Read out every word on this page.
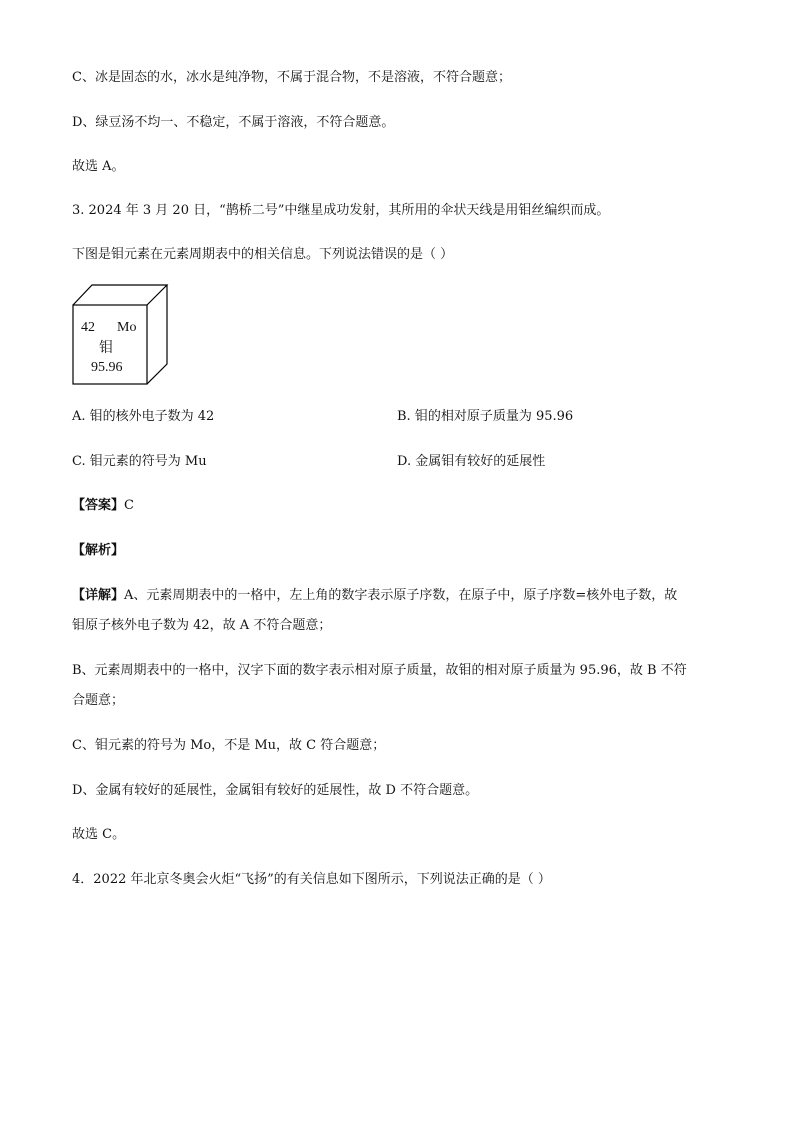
C、冰是固态的水，冰水是纯净物，不属于混合物，不是溶液，不符合题意；
D、绿豆汤不均一、不稳定，不属于溶液，不符合题意。
故选 A。
3. 2024 年 3 月 20 日，“鹊桥二号”中继星成功发射，其所用的伞状天线是用钼丝编织而成。
下图是钼元素在元素周期表中的相关信息。下列说法错误的是（ ）
42 Mo
钼
95.96
A. 钼的核外电子数为 42	B. 钼的相对原子质量为 95.96
C. 钼元素的符号为 Mu	D. 金属钼有较好的延展性
【答案】C
【解析】
【详解】A、元素周期表中的一格中，左上角的数字表示原子序数，在原子中，原子序数=核外电子数，故
钼原子核外电子数为 42，故 A 不符合题意；
B、元素周期表中的一格中，汉字下面的数字表示相对原子质量，故钼的相对原子质量为 95.96，故 B 不符
合题意；
C、钼元素的符号为 Mo，不是 Mu，故 C 符合题意；
D、金属有较好的延展性，金属钼有较好的延展性，故 D 不符合题意。
故选 C。
4．2022 年北京冬奥会火炬“飞扬”的有关信息如下图所示，下列说法正确的是（ ）
